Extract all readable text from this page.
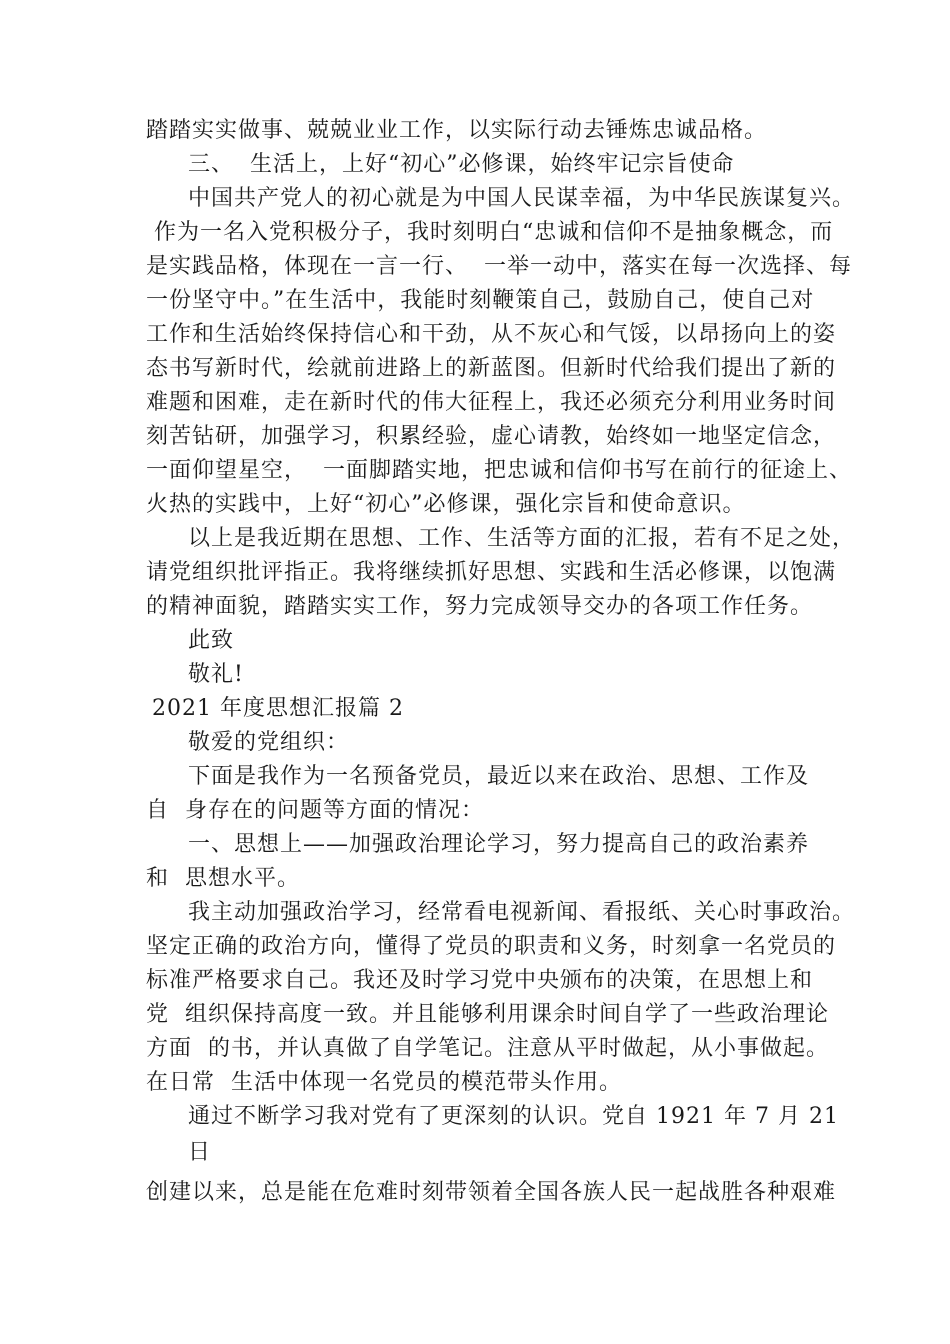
踏踏实实做事、兢兢业业工作，以实际行动去锤炼忠诚品格。
三、  生活上，上好“初心”必修课，始终牢记宗旨使命
中国共产党人的初心就是为中国人民谋幸福，为中华民族谋复兴。
作为一名入党积极分子，我时刻明白“忠诚和信仰不是抽象概念，而
是实践品格，体现在一言一行、  一举一动中，落实在每一次选择、每
一份坚守中。”在生活中，我能时刻鞭策自己，鼓励自己，使自己对
工作和生活始终保持信心和干劲，从不灰心和气馁，以昂扬向上的姿
态书写新时代，绘就前进路上的新蓝图。但新时代给我们提出了新的
难题和困难，走在新时代的伟大征程上，我还必须充分利用业务时间
刻苦钻研，加强学习，积累经验，虚心请教，始终如一地坚定信念，
一面仰望星空，  一面脚踏实地，把忠诚和信仰书写在前行的征途上、
火热的实践中，上好“初心”必修课，强化宗旨和使命意识。
以上是我近期在思想、工作、生活等方面的汇报，若有不足之处，
请党组织批评指正。我将继续抓好思想、实践和生活必修课，以饱满
的精神面貌，踏踏实实工作，努力完成领导交办的各项工作任务。
此致
敬礼!
2021 年度思想汇报篇 2
敬爱的党组织：
下面是我作为一名预备党员，最近以来在政治、思想、工作及
自  身存在的问题等方面的情况：
一、思想上——加强政治理论学习，努力提高自己的政治素养
和  思想水平。
我主动加强政治学习，经常看电视新闻、看报纸、关心时事政治。
坚定正确的政治方向，懂得了党员的职责和义务，时刻拿一名党员的
标准严格要求自己。我还及时学习党中央颁布的决策，在思想上和
党  组织保持高度一致。并且能够利用课余时间自学了一些政治理论
方面  的书，并认真做了自学笔记。注意从平时做起，从小事做起。
在日常  生活中体现一名党员的模范带头作用。
通过不断学习我对党有了更深刻的认识。党自 1921 年 7 月 21
日
创建以来，总是能在危难时刻带领着全国各族人民一起战胜各种艰难
